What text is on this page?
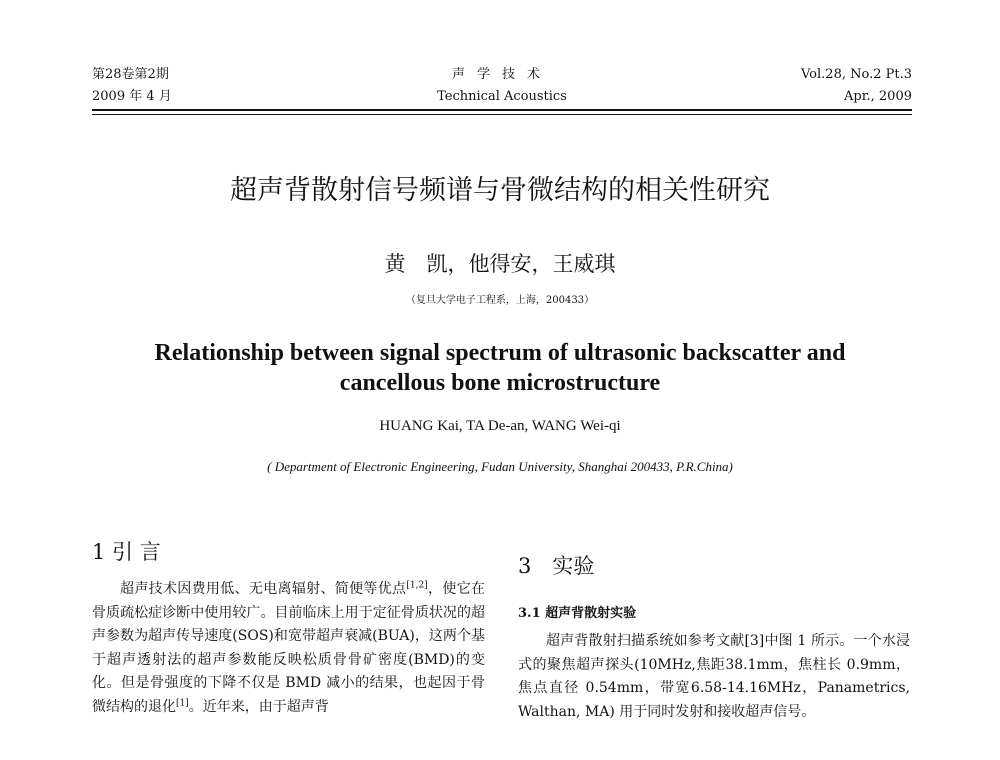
第28卷第2期
2009 年 4 月
声学技术
Technical Acoustics
Vol.28, No.2 Pt.3
Apr., 2009
超声背散射信号频谱与骨微结构的相关性研究
黄　凯，他得安，王威琪
（复旦大学电子工程系，上海，200433）
Relationship between signal spectrum of ultrasonic backscatter and
cancellous bone microstructure
HUANG Kai, TA De-an, WANG Wei-qi
( Department of Electronic Engineering, Fudan University, Shanghai 200433, P.R.China)
1 引 言

超声技术因费用低、无电离辐射、简便等优点[1,2]，使它在骨质疏松症诊断中使用较广。目前临床上用于定征骨质状况的超声参数为超声传导速度(SOS)和宽带超声衰减(BUA)，这两个基于超声透射法的超声参数能反映松质骨骨矿密度(BMD)的变化。但是骨强度的下降不仅是 BMD 减小的结果，也起因于骨微结构的退化[1]。近年来，由于超声背

3　实验
3.1 超声背散射实验

超声背散射扫描系统如参考文献[3]中图 1 所示。一个水浸式的聚焦超声探头(10MHz,焦距38.1mm，焦柱长 0.9mm，焦点直径 0.54mm，带宽6.58-14.16MHz，Panametrics, Walthan, MA) 用于同时发射和接收超声信号。
